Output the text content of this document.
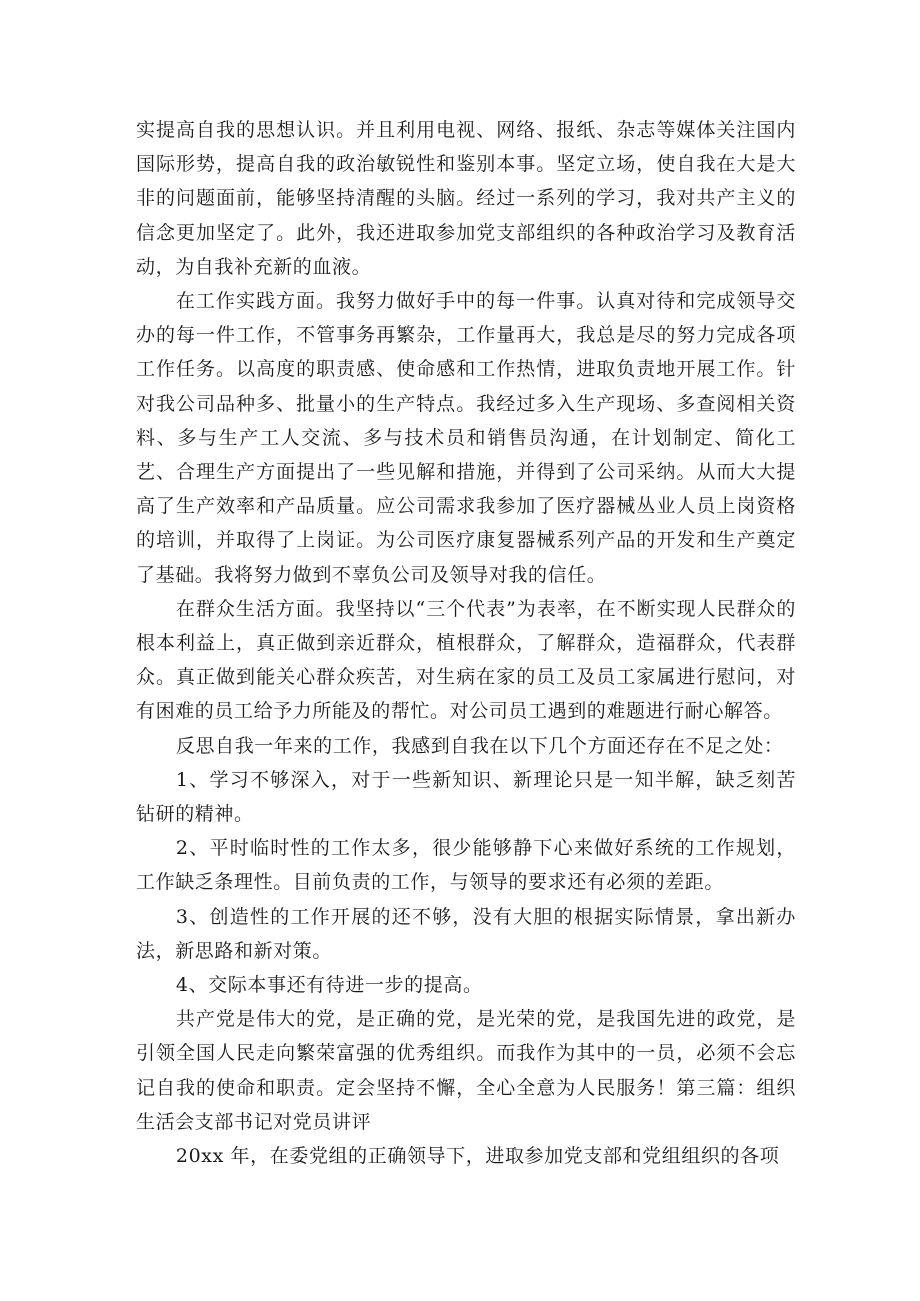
实提高自我的思想认识。并且利用电视、网络、报纸、杂志等媒体关注国内国际形势，提高自我的政治敏锐性和鉴别本事。坚定立场，使自我在大是大非的问题面前，能够坚持清醒的头脑。经过一系列的学习，我对共产主义的信念更加坚定了。此外，我还进取参加党支部组织的各种政治学习及教育活动，为自我补充新的血液。

在工作实践方面。我努力做好手中的每一件事。认真对待和完成领导交办的每一件工作，不管事务再繁杂，工作量再大，我总是尽的努力完成各项工作任务。以高度的职责感、使命感和工作热情，进取负责地开展工作。针对我公司品种多、批量小的生产特点。我经过多入生产现场、多查阅相关资料、多与生产工人交流、多与技术员和销售员沟通，在计划制定、简化工艺、合理生产方面提出了一些见解和措施，并得到了公司采纳。从而大大提高了生产效率和产品质量。应公司需求我参加了医疗器械丛业人员上岗资格的培训，并取得了上岗证。为公司医疗康复器械系列产品的开发和生产奠定了基础。我将努力做到不辜负公司及领导对我的信任。

在群众生活方面。我坚持以“三个代表”为表率，在不断实现人民群众的根本利益上，真正做到亲近群众，植根群众，了解群众，造福群众，代表群众。真正做到能关心群众疾苦，对生病在家的员工及员工家属进行慰问，对有困难的员工给予力所能及的帮忙。对公司员工遇到的难题进行耐心解答。

反思自我一年来的工作，我感到自我在以下几个方面还存在不足之处：

1、学习不够深入，对于一些新知识、新理论只是一知半解，缺乏刻苦钻研的精神。

2、平时临时性的工作太多，很少能够静下心来做好系统的工作规划，工作缺乏条理性。目前负责的工作，与领导的要求还有必须的差距。

3、创造性的工作开展的还不够，没有大胆的根据实际情景，拿出新办法，新思路和新对策。

4、交际本事还有待进一步的提高。

共产党是伟大的党，是正确的党，是光荣的党，是我国先进的政党，是引领全国人民走向繁荣富强的优秀组织。而我作为其中的一员，必须不会忘记自我的使命和职责。定会坚持不懈，全心全意为人民服务！第三篇：组织生活会支部书记对党员讲评

20xx 年，在委党组的正确领导下，进取参加党支部和党组组织的各项
